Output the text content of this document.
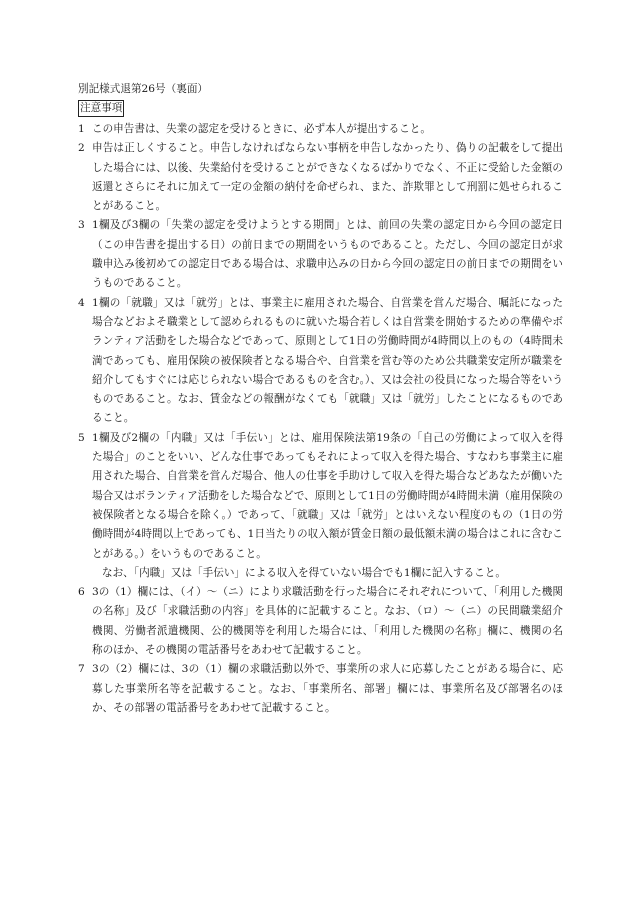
別記様式退第26号（裏面）

注意事項
1 この申告書は、失業の認定を受けるときに、必ず本人が提出すること。
2 申告は正しくすること。申告しなければならない事柄を申告しなかったり、偽りの記載をして提出した場合には、以後、失業給付を受けることができなくなるばかりでなく、不正に受給した金額の返還とさらにそれに加えて一定の金額の納付を命ぜられ、また、詐欺罪として刑罰に処せられることがあること。
3 1欄及び3欄の「失業の認定を受けようとする期間」とは、前回の失業の認定日から今回の認定日（この申告書を提出する日）の前日までの期間をいうものであること。ただし、今回の認定日が求職申込み後初めての認定日である場合は、求職申込みの日から今回の認定日の前日までの期間をいうものであること。
4 1欄の「就職」又は「就労」とは、事業主に雇用された場合、自営業を営んだ場合、嘱託になった場合などおよそ職業として認められるものに就いた場合若しくは自営業を開始するための準備やボランティア活動をした場合などであって、原則として1日の労働時間が4時間以上のもの（4時間未満であっても、雇用保険の被保険者となる場合や、自営業を営む等のため公共職業安定所が職業を紹介してもすぐには応じられない場合であるものを含む。）、又は会社の役員になった場合等をいうものであること。なお、賃金などの報酬がなくても「就職」又は「就労」したことになるものであること。
5 1欄及び2欄の「内職」又は「手伝い」とは、雇用保険法第19条の「自己の労働によって収入を得た場合」のことをいい、どんな仕事であってもそれによって収入を得た場合、すなわち事業主に雇用された場合、自営業を営んだ場合、他人の仕事を手助けして収入を得た場合などあなたが働いた場合又はボランティア活動をした場合などで、原則として1日の労働時間が4時間未満（雇用保険の被保険者となる場合を除く。）であって、「就職」又は「就労」とはいえない程度のもの（1日の労働時間が4時間以上であっても、1日当たりの収入額が賃金日額の最低額未満の場合はこれに含むことがある。）をいうものであること。
なお、「内職」又は「手伝い」による収入を得ていない場合でも1欄に記入すること。
6 3の（1）欄には、（イ）～（ニ）により求職活動を行った場合にそれぞれについて、「利用した機関の名称」及び「求職活動の内容」を具体的に記載すること。なお、（ロ）～（ニ）の民間職業紹介機関、労働者派遣機関、公的機関等を利用した場合には、「利用した機関の名称」欄に、機関の名称のほか、その機関の電話番号をあわせて記載すること。
7 3の（2）欄には、3の（1）欄の求職活動以外で、事業所の求人に応募したことがある場合に、応募した事業所名等を記載すること。なお、「事業所名、部署」欄には、事業所名及び部署名のほか、その部署の電話番号をあわせて記載すること。
